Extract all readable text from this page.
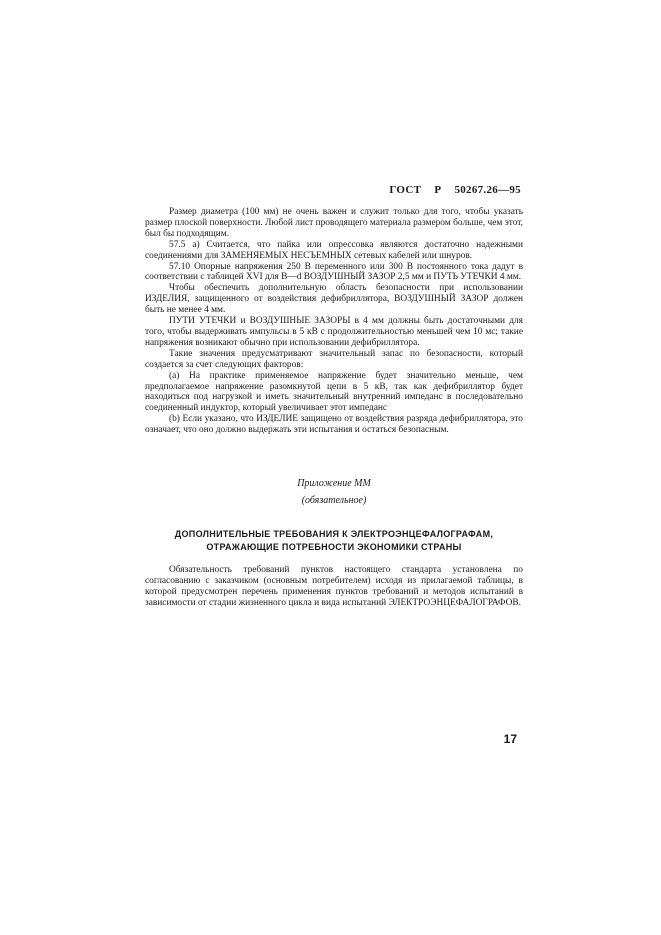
ГОСТ Р 50267.26—95

Размер диаметра (100 мм) не очень важен и служит только для того, чтобы указать размер плоской поверхности. Любой лист проводящего материала размером больше, чем этот, был бы подходящим.

57.5 а) Считается, что пайка или опрессовка являются достаточно надежными соединениями для ЗАМЕНЯЕМЫХ НЕСЪЕМНЫХ сетевых кабелей или шнуров.

57.10 Опорные напряжения 250 В переменного или 300 В постоянного тока дадут в соответствии с таблицей XVI для В—d ВОЗДУШНЫЙ ЗАЗОР 2,5 мм и ПУТЬ УТЕЧКИ 4 мм.

Чтобы обеспечить дополнительную область безопасности при использовании ИЗДЕЛИЯ, защищенного от воздействия дефибриллятора, ВОЗДУШНЫЙ ЗАЗОР должен быть не менее 4 мм.

ПУТИ УТЕЧКИ и ВОЗДУШНЫЕ ЗАЗОРЫ в 4 мм должны быть достаточными для того, чтобы выдерживать импульсы в 5 кВ с продолжительностью меньшей чем 10 мс; такие напряжения возникают обычно при использовании дефибриллятора.

Такие значения предусматривают значительный запас по безопасности, который создается за счет следующих факторов:

(а) На практике применяемое напряжение будет значительно меньше, чем предполагаемое напряжение разомкнутой цепи в 5 кВ, так как дефибриллятор будет находиться под нагрузкой и иметь значительный внутренний импеданс в последовательно соединенный индуктор, который увеличивает этот импеданс

(b) Если указано, что ИЗДЕЛИЕ защищено от воздействия разряда дефибриллятора, это означает, что оно должно выдержать эти испытания и остаться безопасным.

Приложение ММ
(обязательное)
ДОПОЛНИТЕЛЬНЫЕ ТРЕБОВАНИЯ К ЭЛЕКТРОЭНЦЕФАЛОГРАФАМ,
ОТРАЖАЮЩИЕ ПОТРЕБНОСТИ ЭКОНОМИКИ СТРАНЫ

Обязательность требований пунктов настоящего стандарта установлена по согласованию с заказчиком (основным потребителем) исходя из прилагаемой таблицы, в которой предусмотрен перечень применения пунктов требований и методов испытаний в зависимости от стадии жизненного цикла и вида испытаний ЭЛЕКТРОЭНЦЕФАЛОГРАФОВ.

17
